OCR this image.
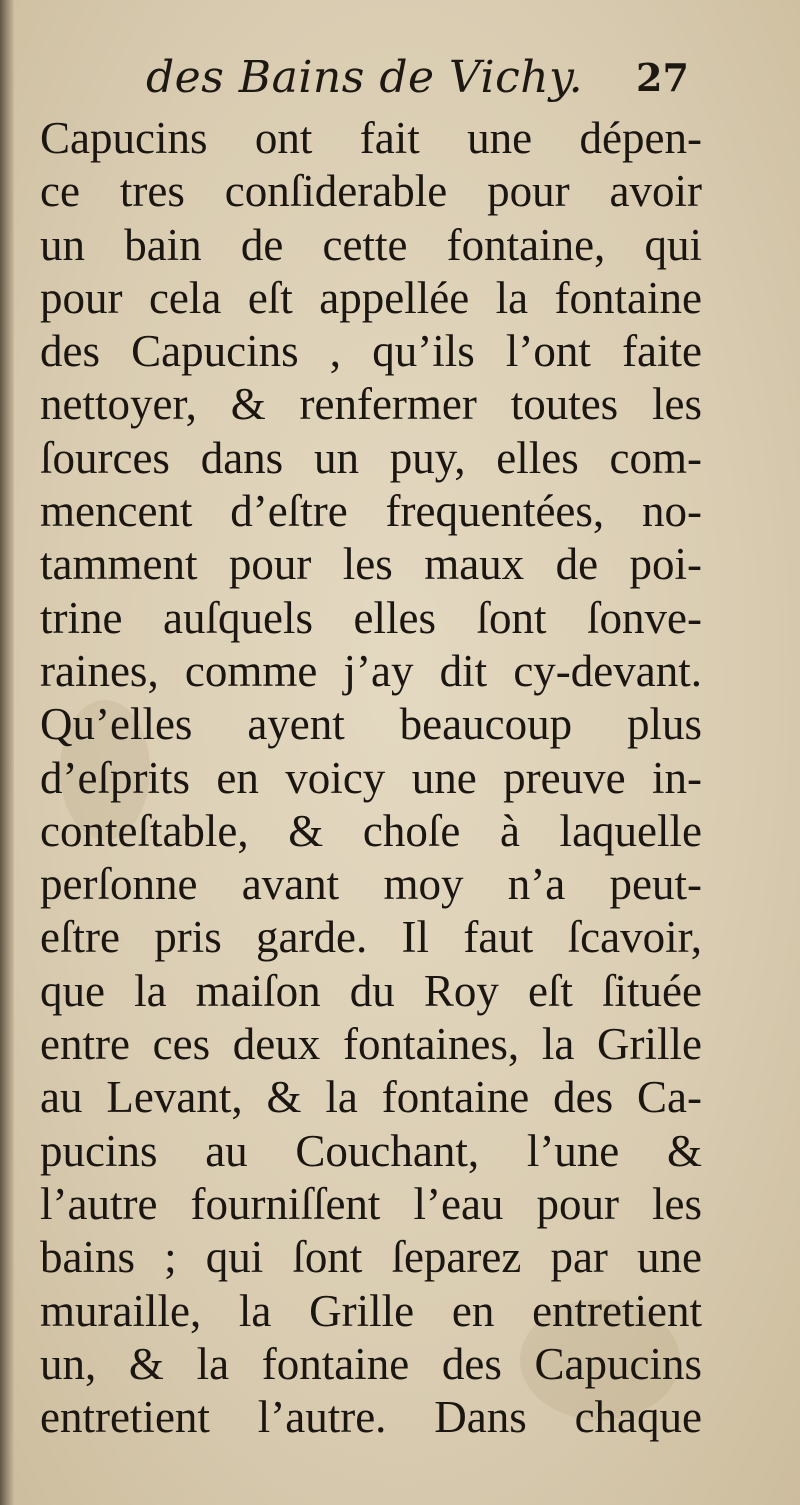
des Bains de Vichy. 27
Capucins ont fait une dépen-
ce tres conſiderable pour avoir
un bain de cette fontaine, qui
pour cela eſt appellée la fontaine
des Capucins , qu’ils l’ont faite
nettoyer, & renfermer toutes les
ſources dans un puy, elles com-
mencent d’eſtre frequentées, no-
tamment pour les maux de poi-
trine auſquels elles ſont ſonve-
raines, comme j’ay dit cy-devant.
Qu’elles ayent beaucoup plus
d’eſprits en voicy une preuve in-
conteſtable, & choſe à laquelle
perſonne avant moy n’a peut-
eſtre pris garde. Il faut ſcavoir,
que la maiſon du Roy eſt ſituée
entre ces deux fontaines, la Grille
au Levant, & la fontaine des Ca-
pucins au Couchant, l’une &
l’autre fourniſſent l’eau pour les
bains ; qui ſont ſeparez par une
muraille, la Grille en entretient
un, & la fontaine des Capucins
entretient l’autre. Dans chaque
